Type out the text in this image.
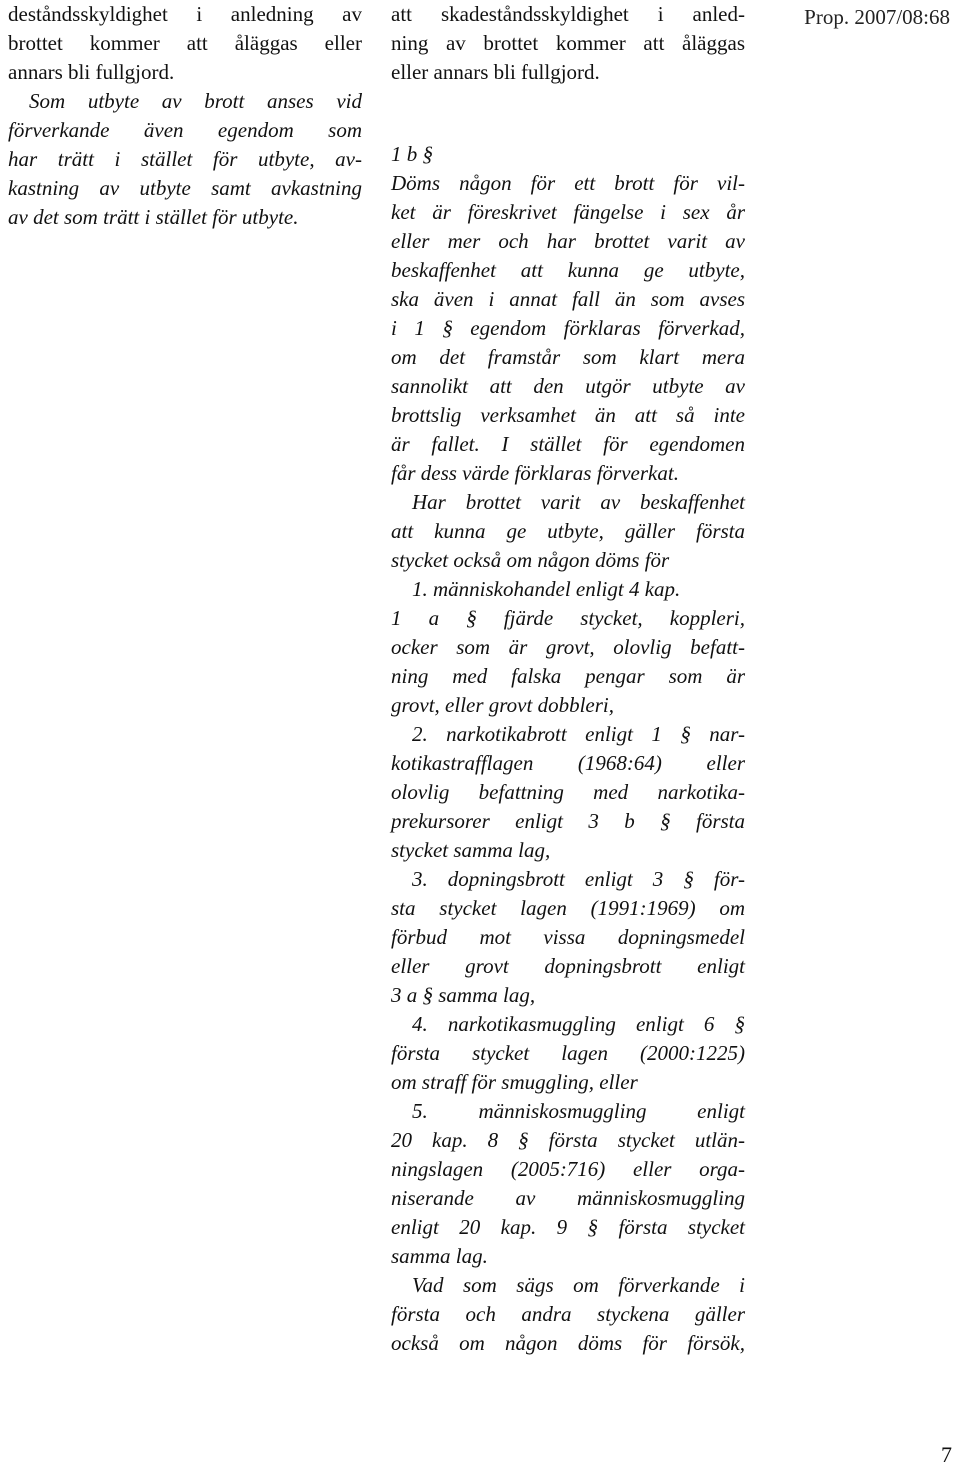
Prop. 2007/08:68
deståndsskyldighet i anledning av
brottet kommer att åläggas eller
annars bli fullgjord.
 Som utbyte av brott anses vid
förverkande även egendom som
har trätt i stället för utbyte, av-
kastning av utbyte samt avkastning
av det som trätt i stället för utbyte.
att skadeståndsskyldighet i anled-
ning av brottet kommer att åläggas
eller annars bli fullgjord.
1 b §
Döms någon för ett brott för vil-
ket är föreskrivet fängelse i sex år
eller mer och har brottet varit av
beskaffenhet att kunna ge utbyte,
ska även i annat fall än som avses
i 1 § egendom förklaras förverkad,
om det framstår som klart mera
sannolikt att den utgör utbyte av
brottslig verksamhet än att så inte
är fallet. I stället för egendomen
får dess värde förklaras förverkat.
 Har brottet varit av beskaffenhet
att kunna ge utbyte, gäller första
stycket också om någon döms för
 1. människohandel enligt 4 kap.
1 a § fjärde stycket, koppleri,
ocker som är grovt, olovlig befatt-
ning med falska pengar som är
grovt, eller grovt dobbleri,
 2. narkotikabrott enligt 1 § nar-
kotikastrafflagen (1968:64) eller
olovlig befattning med narkotika-
prekursorer enligt 3 b § första
stycket samma lag,
 3. dopningsbrott enligt 3 § för-
sta stycket lagen (1991:1969) om
förbud mot vissa dopningsmedel
eller grovt dopningsbrott enligt
3 a § samma lag,
 4. narkotikasmuggling enligt 6 §
första stycket lagen (2000:1225)
om straff för smuggling, eller
 5. människosmuggling enligt
20 kap. 8 § första stycket utlän-
ningslagen (2005:716) eller orga-
niserande av människosmuggling
enligt 20 kap. 9 § första stycket
samma lag.
 Vad som sägs om förverkande i
första och andra styckena gäller
också om någon döms för försök,
7
